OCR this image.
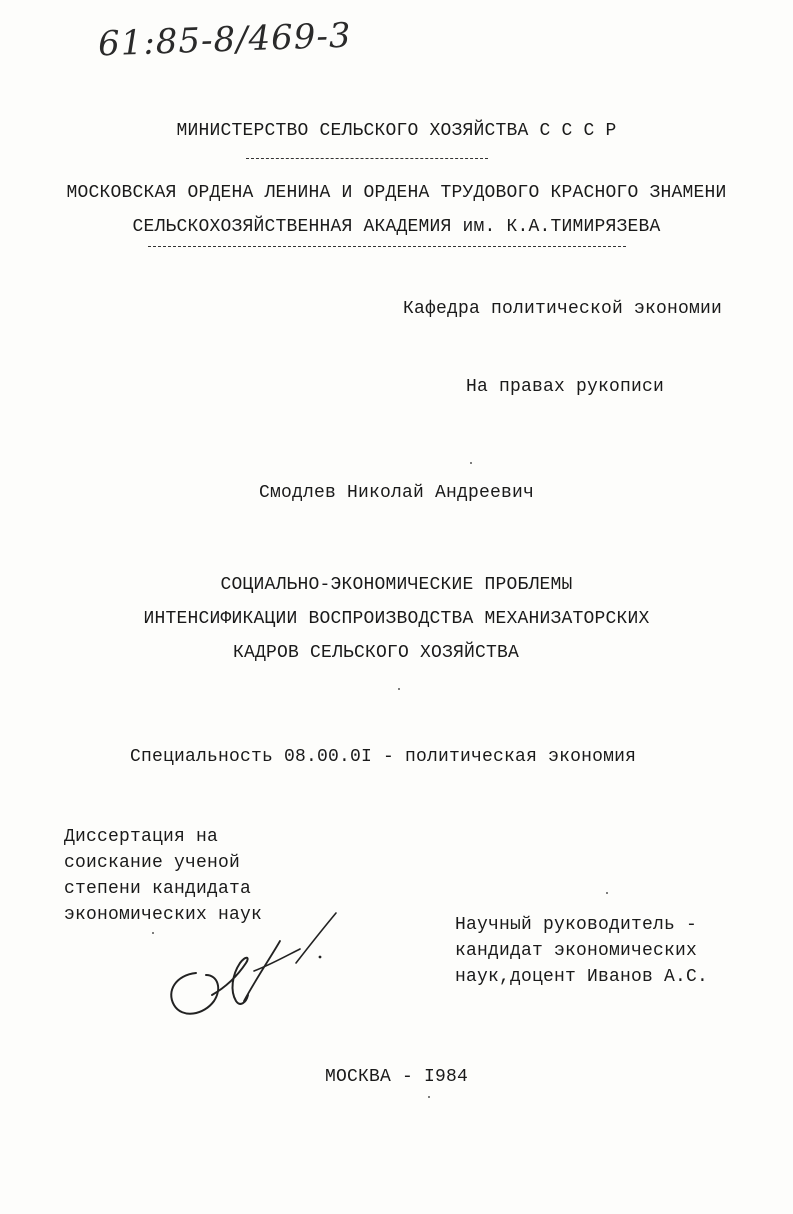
61:85-8/469-3
МИНИСТЕРСТВО СЕЛЬСКОГО ХОЗЯЙСТВА С С С Р
МОСКОВСКАЯ ОРДЕНА ЛЕНИНА И ОРДЕНА ТРУДОВОГО КРАСНОГО ЗНАМЕНИ
СЕЛЬСКОХОЗЯЙСТВЕННАЯ АКАДЕМИЯ им. К.А.ТИМИРЯЗЕВА
Кафедра политической экономии
На правах рукописи
Смодлев Николай Андреевич
СОЦИАЛЬНО-ЭКОНОМИЧЕСКИЕ ПРОБЛЕМЫ
ИНТЕНСИФИКАЦИИ ВОСПРОИЗВОДСТВА МЕХАНИЗАТОРСКИХ
КАДРОВ СЕЛЬСКОГО ХОЗЯЙСТВА
Специальность 08.00.0I - политическая экономия
Диссертация на
соискание ученой
степени кандидата
экономических наук	Научный руководитель -
кандидат экономических
наук,доцент Иванов А.С.
МОСКВА - I984
